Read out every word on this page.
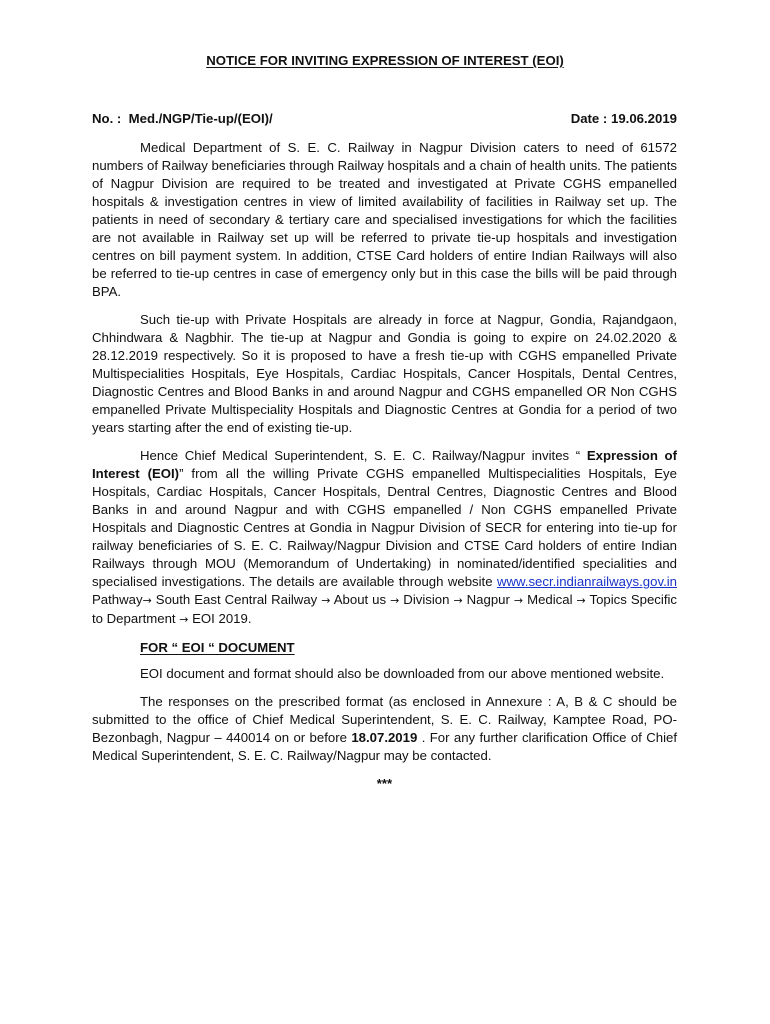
NOTICE FOR INVITING EXPRESSION OF INTEREST (EOI)
No. :  Med./NGP/Tie-up/(EOI)/	Date : 19.06.2019

Medical Department of S. E. C. Railway in Nagpur Division caters to need of 61572 numbers of Railway beneficiaries through Railway hospitals and a chain of health units. The patients of Nagpur Division are required to be treated and investigated at Private CGHS empanelled hospitals & investigation centres in view of limited availability of facilities in Railway set up. The patients in need of secondary & tertiary care and specialised investigations for which the facilities are not available in Railway set up will be referred to private tie-up hospitals and investigation centres on bill payment system. In addition, CTSE Card holders of entire Indian Railways will also be referred to tie-up centres in case of emergency only but in this case the bills will be paid through BPA.

Such tie-up with Private Hospitals are already in force at Nagpur, Gondia, Rajandgaon, Chhindwara & Nagbhir. The tie-up at Nagpur and Gondia is going to expire on 24.02.2020 & 28.12.2019 respectively. So it is proposed to have a fresh tie-up with CGHS empanelled Private Multispecialities Hospitals, Eye Hospitals, Cardiac Hospitals, Cancer Hospitals, Dental Centres, Diagnostic Centres and Blood Banks in and around Nagpur and CGHS empanelled OR Non CGHS empanelled Private Multispeciality Hospitals and Diagnostic Centres at Gondia for a period of two years starting after the end of existing tie-up.

Hence Chief Medical Superintendent, S. E. C. Railway/Nagpur invites “ Expression of Interest (EOI)” from all the willing Private CGHS empanelled Multispecialities Hospitals, Eye Hospitals, Cardiac Hospitals, Cancer Hospitals, Dentral Centres, Diagnostic Centres and Blood Banks in and around Nagpur and with CGHS empanelled / Non CGHS empanelled Private Hospitals and Diagnostic Centres at Gondia in Nagpur Division of SECR for entering into tie-up for railway beneficiaries of S. E. C. Railway/Nagpur Division and CTSE Card holders of entire Indian Railways through MOU (Memorandum of Undertaking) in nominated/identified specialities and specialised investigations. The details are available through website www.secr.indianrailways.gov.in Pathway→ South East Central Railway → About us → Division → Nagpur → Medical → Topics Specific to Department → EOI 2019.

FOR “ EOI “ DOCUMENT

EOI document and format should also be downloaded from our above mentioned website.

The responses on the prescribed format (as enclosed in Annexure : A, B & C should be submitted to the office of Chief Medical Superintendent, S. E. C. Railway, Kamptee Road, PO- Bezonbagh, Nagpur – 440014 on or before 18.07.2019 . For any further clarification Office of Chief Medical Superintendent, S. E. C. Railway/Nagpur may be contacted.

***
